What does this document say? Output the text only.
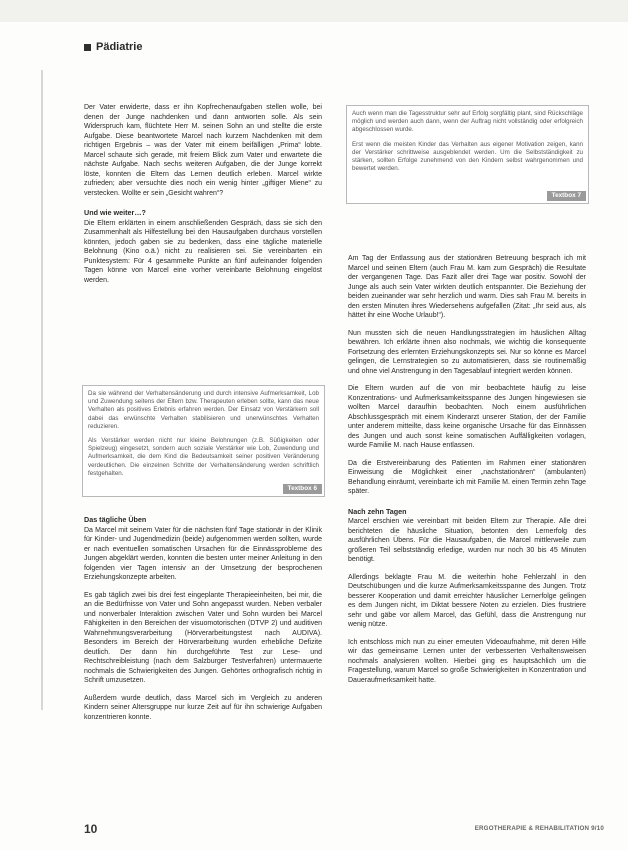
Pädiatrie

Der Vater erwiderte, dass er ihn Kopfrechenaufgaben stellen wolle, bei denen der Junge nachdenken und dann antworten solle. Als sein Widerspruch kam, flüchtete Herr M. seinen Sohn an und stellte die erste Aufgabe. Diese beantwortete Marcel nach kurzem Nachdenken mit dem richtigen Ergebnis – was der Vater mit einem beifälligen „Prima“ lobte. Marcel schaute sich gerade, mit freiem Blick zum Vater und erwartete die nächste Aufgabe. Nach sechs weiteren Aufgaben, die der Junge korrekt löste, konnten die Eltern das Lernen deutlich erleben. Marcel wirkte zufrieden; aber versuchte dies noch ein wenig hinter „giftiger Miene“ zu verstecken. Wollte er sein „Gesicht wahren“?

Und wie weiter…?

Die Eltern erklärten in einem anschließenden Gespräch, dass sie sich den Zusammenhalt als Hilfestellung bei den Hausaufgaben durchaus vorstellen könnten, jedoch gaben sie zu bedenken, dass eine tägliche materielle Belohnung (Kino o.ä.) nicht zu realisieren sei. Sie vereinbarten ein Punktesystem: Für 4 gesammelte Punkte an fünf aufeinander folgenden Tagen könne von Marcel eine vorher vereinbarte Belohnung eingelöst werden.

Das tägliche Üben

Da Marcel mit seinem Vater für die nächsten fünf Tage stationär in der Klinik für Kinder- und Jugendmedizin (beide) aufgenommen werden sollten, wurde er nach eventuellen somatischen Ursachen für die Einnässprobleme des Jungen abgeklärt werden, konnten die besten unter meiner Anleitung in den folgenden vier Tagen intensiv an der Umsetzung der besprochenen Erziehungskonzepte arbeiten.

Es gab täglich zwei bis drei fest eingeplante Therapieeinheiten, bei mir, die an die Bedürfnisse von Vater und Sohn angepasst wurden. Neben verbaler und nonverbaler Interaktion zwischen Vater und Sohn wurden bei Marcel Fähigkeiten in den Bereichen der visuomotorischen (DTVP 2) und auditiven Wahrnehmungsverarbeitung (Hörverarbeitungstest nach AUDIVA). Besonders im Bereich der Hörverarbeitung wurden erhebliche Defizite deutlich. Der dann hin durchgeführte Test zur Lese- und Rechtschreibleistung (nach dem Salzburger Testverfahren) untermauerte nochmals die Schwierigkeiten des Jungen. Gehörtes orthografisch richtig in Schrift umzusetzen.

Außerdem wurde deutlich, dass Marcel sich im Vergleich zu anderen Kindern seiner Altersgruppe nur kurze Zeit auf für ihn schwierige Aufgaben konzentrieren konnte.

Da sie während der Verhaltensänderung und durch intensive Aufmerksamkeit, Lob und Zuwendung seitens der Eltern bzw. Therapeuten erleben sollte, kann das neue Verhalten als positives Erlebnis erfahren werden. Der Einsatz von Verstärkern soll dabei das erwünschte Verhalten stabilisieren und unerwünschtes Verhalten reduzieren.

Als Verstärker werden nicht nur kleine Belohnungen (z.B. Süßigkeiten oder Spielzeug) eingesetzt, sondern auch soziale Verstärker wie Lob, Zuwendung und Aufmerksamkeit, die dem Kind die Bedeutsamkeit seiner positiven Veränderung verdeutlichen. Die einzelnen Schritte der Verhaltensänderung werden schriftlich festgehalten.

Textbox 6

Auch wenn man die Tagesstruktur sehr auf Erfolg sorgfältig plant, sind Rückschläge möglich und werden auch dann, wenn der Auftrag nicht vollständig oder erfolgreich abgeschlossen wurde.

Erst wenn die meisten Kinder das Verhalten aus eigener Motivation zeigen, kann der Verstärker schrittweise ausgeblendet werden. Um die Selbstständigkeit zu stärken, sollten Erfolge zunehmend von den Kindern selbst wahrgenommen und bewertet werden.

Textbox 7

Am Tag der Entlassung aus der stationären Betreuung besprach ich mit Marcel und seinen Eltern (auch Frau M. kam zum Gespräch) die Resultate der vergangenen Tage. Das Fazit aller drei Tage war positiv. Sowohl der Junge als auch sein Vater wirkten deutlich entspannter. Die Beziehung der beiden zueinander war sehr herzlich und warm. Dies sah Frau M. bereits in den ersten Minuten ihres Wiedersehens aufgefallen (Zitat: „Ihr seid aus, als hättet ihr eine Woche Urlaub!“).

Nun mussten sich die neuen Handlungsstrategien im häuslichen Alltag bewähren. Ich erklärte ihnen also nochmals, wie wichtig die konsequente Fortsetzung des erlernten Erziehungskonzepts sei. Nur so könne es Marcel gelingen, die Lernstrategien so zu automatisieren, dass sie routinemäßig und ohne viel Anstrengung in den Tagesablauf integriert werden können.

Die Eltern wurden auf die von mir beobachtete häufig zu leise Konzentrations- und Aufmerksamkeitsspanne des Jungen hingewiesen sie wollten Marcel daraufhin beobachten. Noch einem ausführlichen Abschlussgespräch mit einem Kinderarzt unserer Station, der der Familie unter anderem mitteilte, dass keine organische Ursache für das Einnässen des Jungen und auch sonst keine somatischen Auffälligkeiten vorlagen, wurde Familie M. nach Hause entlassen.

Da die Erstvereinbarung des Patienten im Rahmen einer stationären Einweisung die Möglichkeit einer „nachstationären“ (ambulanten) Behandlung einräumt, vereinbarte ich mit Familie M. einen Termin zehn Tage später.

Nach zehn Tagen

Marcel erschien wie vereinbart mit beiden Eltern zur Therapie. Alle drei berichteten die häusliche Situation, betonten den Lernerfolg des ausführlichen Übens. Für die Hausaufgaben, die Marcel mittlerweile zum größeren Teil selbstständig erledige, wurden nur noch 30 bis 45 Minuten benötigt.

Allerdings beklagte Frau M. die weiterhin hohe Fehlerzahl in den Deutschübungen und die kurze Aufmerksamkeitsspanne des Jungen. Trotz besserer Kooperation und damit erreichter häuslicher Lernerfolge gelingen es dem Jungen nicht, im Diktat bessere Noten zu erzielen. Dies frustriere sehr und gäbe vor allem Marcel, das Gefühl, dass die Anstrengung nur wenig nütze.

Ich entschloss mich nun zu einer erneuten Videoaufnahme, mit deren Hilfe wir das gemeinsame Lernen unter der verbesserten Verhaltensweisen nochmals analysieren wollten. Hierbei ging es hauptsächlich um die Fragestellung, warum Marcel so große Schwierigkeiten in Konzentration und Daueraufmerksamkeit hatte.

10	ERGOTHERAPIE & REHABILITATION 9/10
